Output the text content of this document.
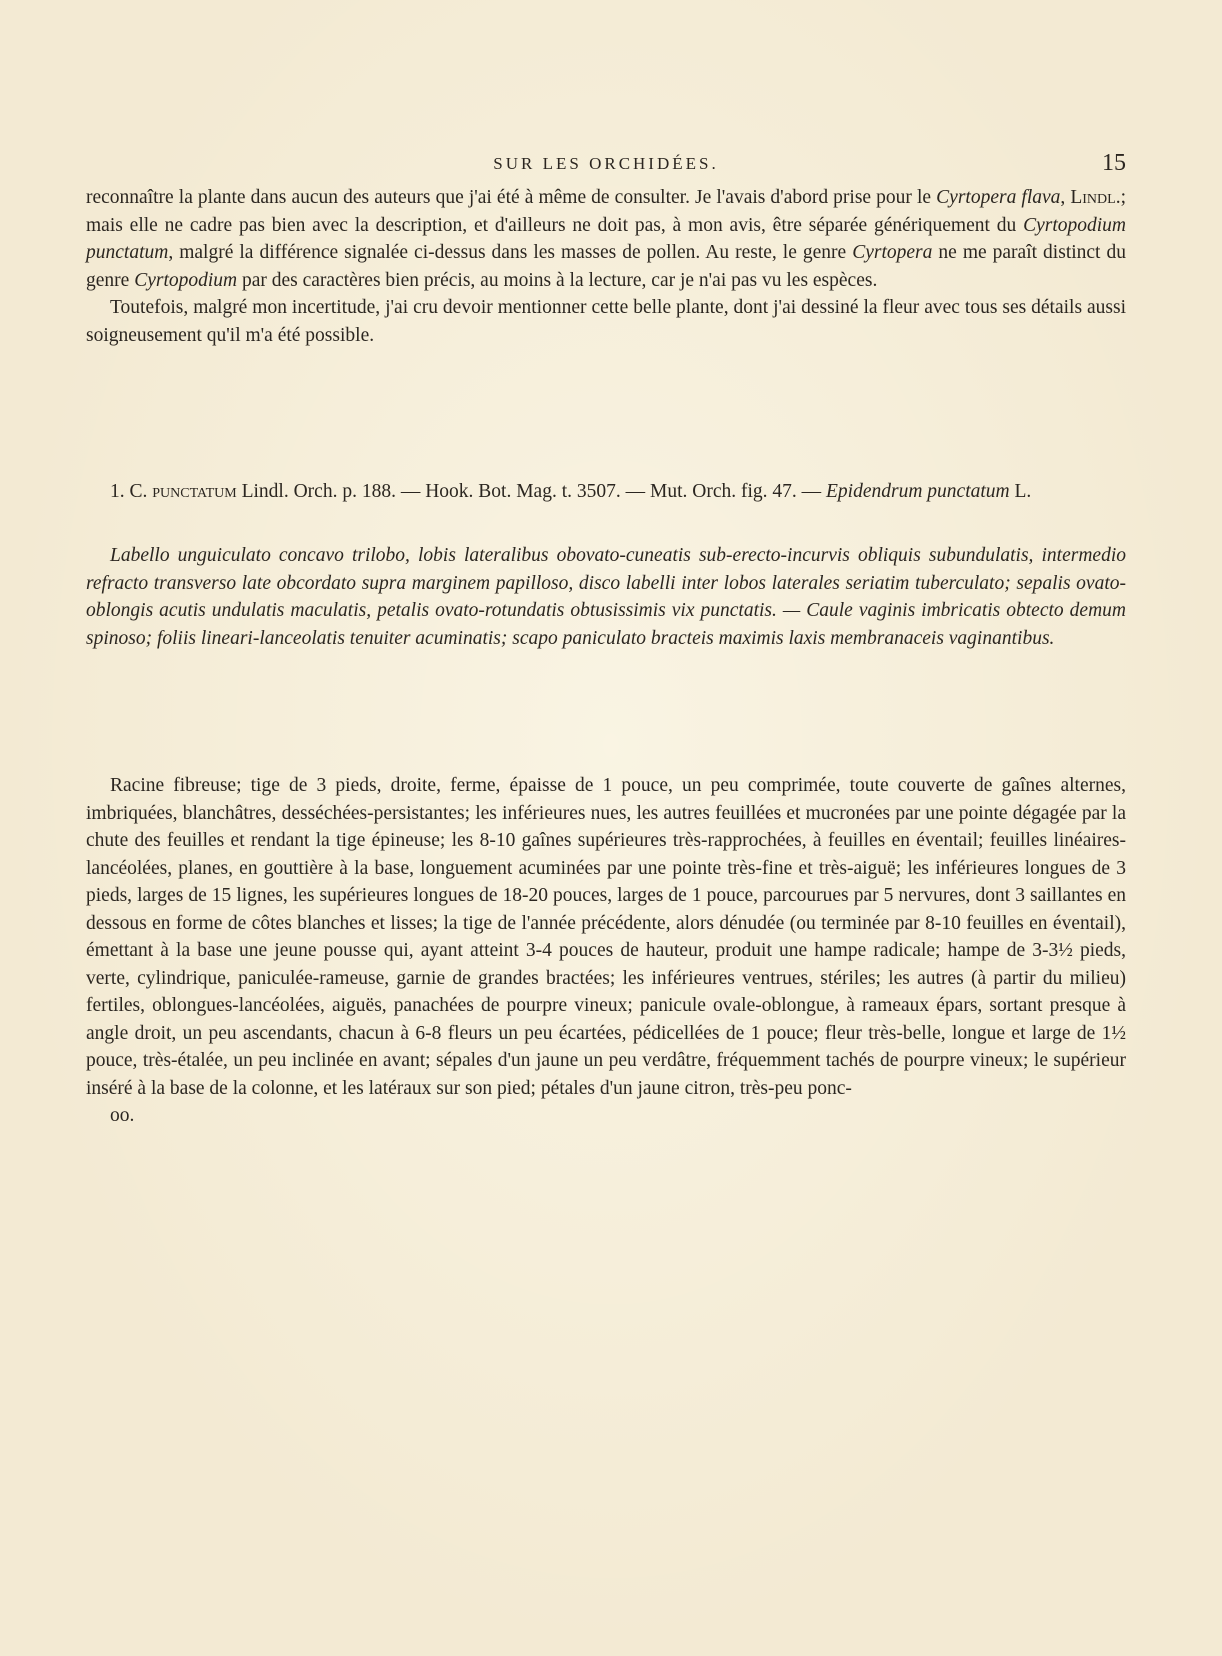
SUR LES ORCHIDÉES.	15

reconnaître la plante dans aucun des auteurs que j'ai été à même de consulter. Je l'avais d'abord prise pour le Cyrtopera flava, Lindl.; mais elle ne cadre pas bien avec la description, et d'ailleurs ne doit pas, à mon avis, être séparée génériquement du Cyrtopodium punctatum, malgré la différence signalée ci-dessus dans les masses de pollen. Au reste, le genre Cyrtopera ne me paraît distinct du genre Cyrtopodium par des caractères bien précis, au moins à la lecture, car je n'ai pas vu les espèces.

Toutefois, malgré mon incertitude, j'ai cru devoir mentionner cette belle plante, dont j'ai dessiné la fleur avec tous ses détails aussi soigneusement qu'il m'a été possible.

1. C. punctatum Lindl. Orch. p. 188. — Hook. Bot. Mag. t. 3507. — Mut. Orch. fig. 47. — Epidendrum punctatum L.

Labello unguiculato concavo trilobo, lobis lateralibus obovato-cuneatis sub-erecto-incurvis obliquis subundulatis, intermedio refracto transverso late obcordato supra marginem papilloso, disco labelli inter lobos laterales seriatim tuberculato; sepalis ovato-oblongis acutis undulatis maculatis, petalis ovato-rotundatis obtusissimis vix punctatis. — Caule vaginis imbricatis obtecto demum spinoso; foliis lineari-lanceolatis tenuiter acuminatis; scapo paniculato bracteis maximis laxis membranaceis vaginantibus.

Racine fibreuse; tige de 3 pieds, droite, ferme, épaisse de 1 pouce, un peu comprimée, toute couverte de gaînes alternes, imbriquées, blanchâtres, desséchées-persistantes; les inférieures nues, les autres feuillées et mucronées par une pointe dégagée par la chute des feuilles et rendant la tige épineuse; les 8-10 gaînes supérieures très-rapprochées, à feuilles en éventail; feuilles linéaires-lancéolées, planes, en gouttière à la base, longuement acuminées par une pointe très-fine et très-aiguë; les inférieures longues de 3 pieds, larges de 15 lignes, les supérieures longues de 18-20 pouces, larges de 1 pouce, parcourues par 5 nervures, dont 3 saillantes en dessous en forme de côtes blanches et lisses; la tige de l'année précédente, alors dénudée (ou terminée par 8-10 feuilles en éventail), émettant à la base une jeune pousse qui, ayant atteint 3-4 pouces de hauteur, produit une hampe radicale; hampe de 3-3½ pieds, verte, cylindrique, paniculée-rameuse, garnie de grandes bractées; les inférieures ventrues, stériles; les autres (à partir du milieu) fertiles, oblongues-lancéolées, aiguës, panachées de pourpre vineux; panicule ovale-oblongue, à rameaux épars, sortant presque à angle droit, un peu ascendants, chacun à 6-8 fleurs un peu écartées, pédicellées de 1 pouce; fleur très-belle, longue et large de 1½ pouce, très-étalée, un peu inclinée en avant; sépales d'un jaune un peu verdâtre, fréquemment tachés de pourpre vineux; le supérieur inséré à la base de la colonne, et les latéraux sur son pied; pétales d'un jaune citron, très-peu ponc-

oo.
